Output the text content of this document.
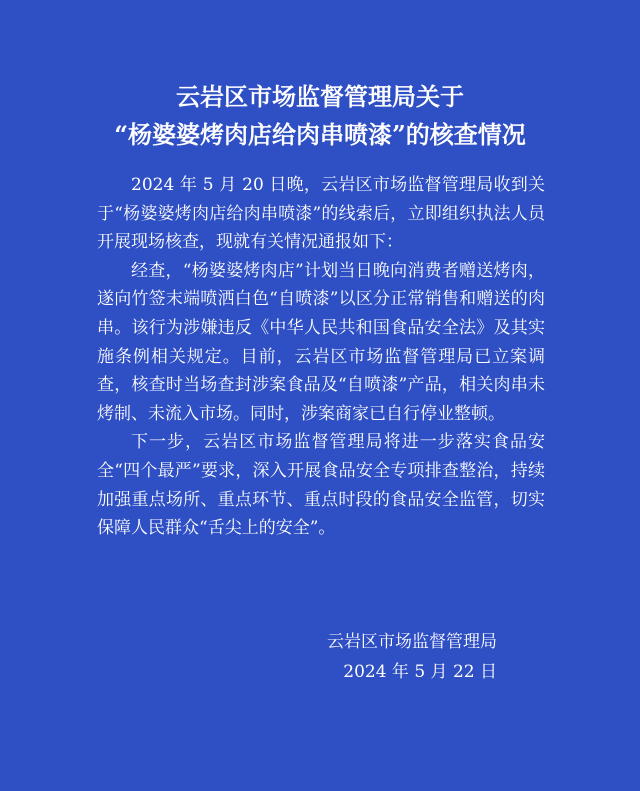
云岩区市场监督管理局关于
“杨婆婆烤肉店给肉串喷漆”的核查情况

2024 年 5 月 20 日晚，云岩区市场监督管理局收到关于“杨婆婆烤肉店给肉串喷漆”的线索后，立即组织执法人员开展现场核查，现就有关情况通报如下：

经查，“杨婆婆烤肉店”计划当日晚向消费者赠送烤肉，遂向竹签末端喷洒白色“自喷漆”以区分正常销售和赠送的肉串。该行为涉嫌违反《中华人民共和国食品安全法》及其实施条例相关规定。目前，云岩区市场监督管理局已立案调查，核查时当场查封涉案食品及“自喷漆”产品，相关肉串未烤制、未流入市场。同时，涉案商家已自行停业整顿。

下一步，云岩区市场监督管理局将进一步落实食品安全“四个最严”要求，深入开展食品安全专项排查整治，持续加强重点场所、重点环节、重点时段的食品安全监管，切实保障人民群众“舌尖上的安全”。

云岩区市场监督管理局
2024 年 5 月 22 日
